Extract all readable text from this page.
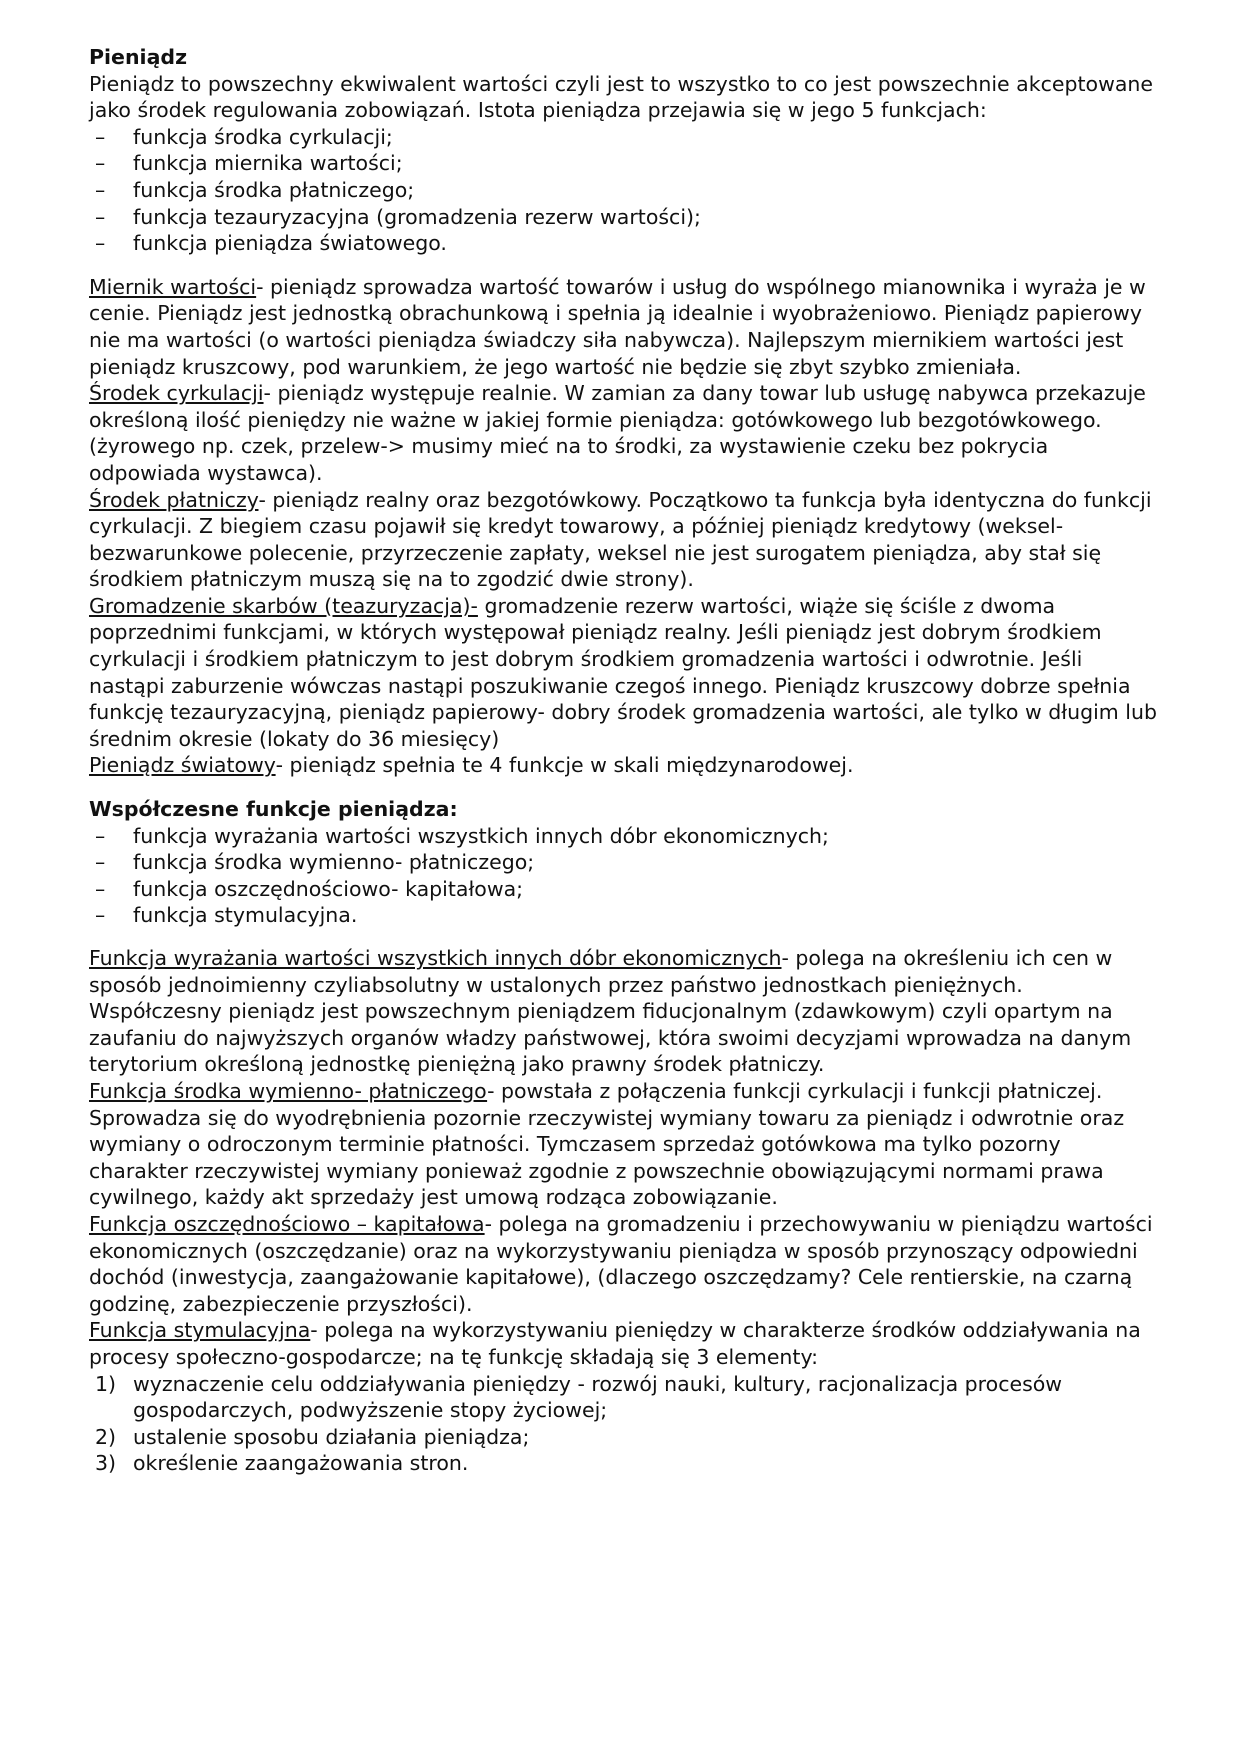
Pieniądz

Pieniądz to powszechny ekwiwalent wartości czyli jest to wszystko to co jest powszechnie akceptowane jako środek regulowania zobowiązań. Istota pieniądza przejawia się w jego 5 funkcjach:

– funkcja środka cyrkulacji;
– funkcja miernika wartości;
– funkcja środka płatniczego;
– funkcja tezauryzacyjna (gromadzenia rezerw wartości);
– funkcja pieniądza światowego.

Miernik wartości- pieniądz sprowadza wartość towarów i usług do wspólnego mianownika i wyraża je w cenie. Pieniądz jest jednostką obrachunkową i spełnia ją idealnie i wyobrażeniowo. Pieniądz papierowy nie ma wartości (o wartości pieniądza świadczy siła nabywcza). Najlepszym miernikiem wartości jest pieniądz kruszcowy, pod warunkiem, że jego wartość nie będzie się zbyt szybko zmieniała.

Środek cyrkulacji- pieniądz występuje realnie. W zamian za dany towar lub usługę nabywca przekazuje określoną ilość pieniędzy nie ważne w jakiej formie pieniądza: gotówkowego lub bezgotówkowego. (żyrowego np. czek, przelew-> musimy mieć na to środki, za wystawienie czeku bez pokrycia odpowiada wystawca).

Środek płatniczy- pieniądz realny oraz bezgotówkowy. Początkowo ta funkcja była identyczna do funkcji cyrkulacji. Z biegiem czasu pojawił się kredyt towarowy, a później pieniądz kredytowy (weksel- bezwarunkowe polecenie, przyrzeczenie zapłaty, weksel nie jest surogatem pieniądza, aby stał się środkiem płatniczym muszą się na to zgodzić dwie strony).

Gromadzenie skarbów (teazuryzacja)- gromadzenie rezerw wartości, wiąże się ściśle z dwoma poprzednimi funkcjami, w których występował pieniądz realny. Jeśli pieniądz jest dobrym środkiem cyrkulacji i środkiem płatniczym to jest dobrym środkiem gromadzenia wartości i odwrotnie. Jeśli nastąpi zaburzenie wówczas nastąpi poszukiwanie czegoś innego. Pieniądz kruszcowy dobrze spełnia funkcję tezauryzacyjną, pieniądz papierowy- dobry środek gromadzenia wartości, ale tylko w długim lub średnim okresie (lokaty do 36 miesięcy)

Pieniądz światowy- pieniądz spełnia te 4 funkcje w skali międzynarodowej.

Współczesne funkcje pieniądza:
– funkcja wyrażania wartości wszystkich innych dóbr ekonomicznych;
– funkcja środka wymienno- płatniczego;
– funkcja oszczędnościowo- kapitałowa;
– funkcja stymulacyjna.

Funkcja wyrażania wartości wszystkich innych dóbr ekonomicznych- polega na określeniu ich cen w sposób jednoimienny czyliabsolutny w ustalonych przez państwo jednostkach pieniężnych. Współczesny pieniądz jest powszechnym pieniądzem fiducjonalnym (zdawkowym) czyli opartym na zaufaniu do najwyższych organów władzy państwowej, która swoimi decyzjami wprowadza na danym terytorium określoną jednostkę pieniężną jako prawny środek płatniczy.

Funkcja środka wymienno- płatniczego- powstała z połączenia funkcji cyrkulacji i funkcji płatniczej. Sprowadza się do wyodrębnienia pozornie rzeczywistej wymiany towaru za pieniądz i odwrotnie oraz wymiany o odroczonym terminie płatności. Tymczasem sprzedaż gotówkowa ma tylko pozorny charakter rzeczywistej wymiany ponieważ zgodnie z powszechnie obowiązującymi normami prawa cywilnego, każdy akt sprzedaży jest umową rodząca zobowiązanie.

Funkcja oszczędnościowo – kapitałowa- polega na gromadzeniu i przechowywaniu w pieniądzu wartości ekonomicznych (oszczędzanie) oraz na wykorzystywaniu pieniądza w sposób przynoszący odpowiedni dochód (inwestycja, zaangażowanie kapitałowe), (dlaczego oszczędzamy? Cele rentierskie, na czarną godzinę, zabezpieczenie przyszłości).

Funkcja stymulacyjna- polega na wykorzystywaniu pieniędzy w charakterze środków oddziaływania na procesy społeczno-gospodarcze; na tę funkcję składają się 3 elementy:

1) wyznaczenie celu oddziaływania pieniędzy - rozwój nauki, kultury, racjonalizacja procesów gospodarczych, podwyższenie stopy życiowej;
2) ustalenie sposobu działania pieniądza;
3) określenie zaangażowania stron.
